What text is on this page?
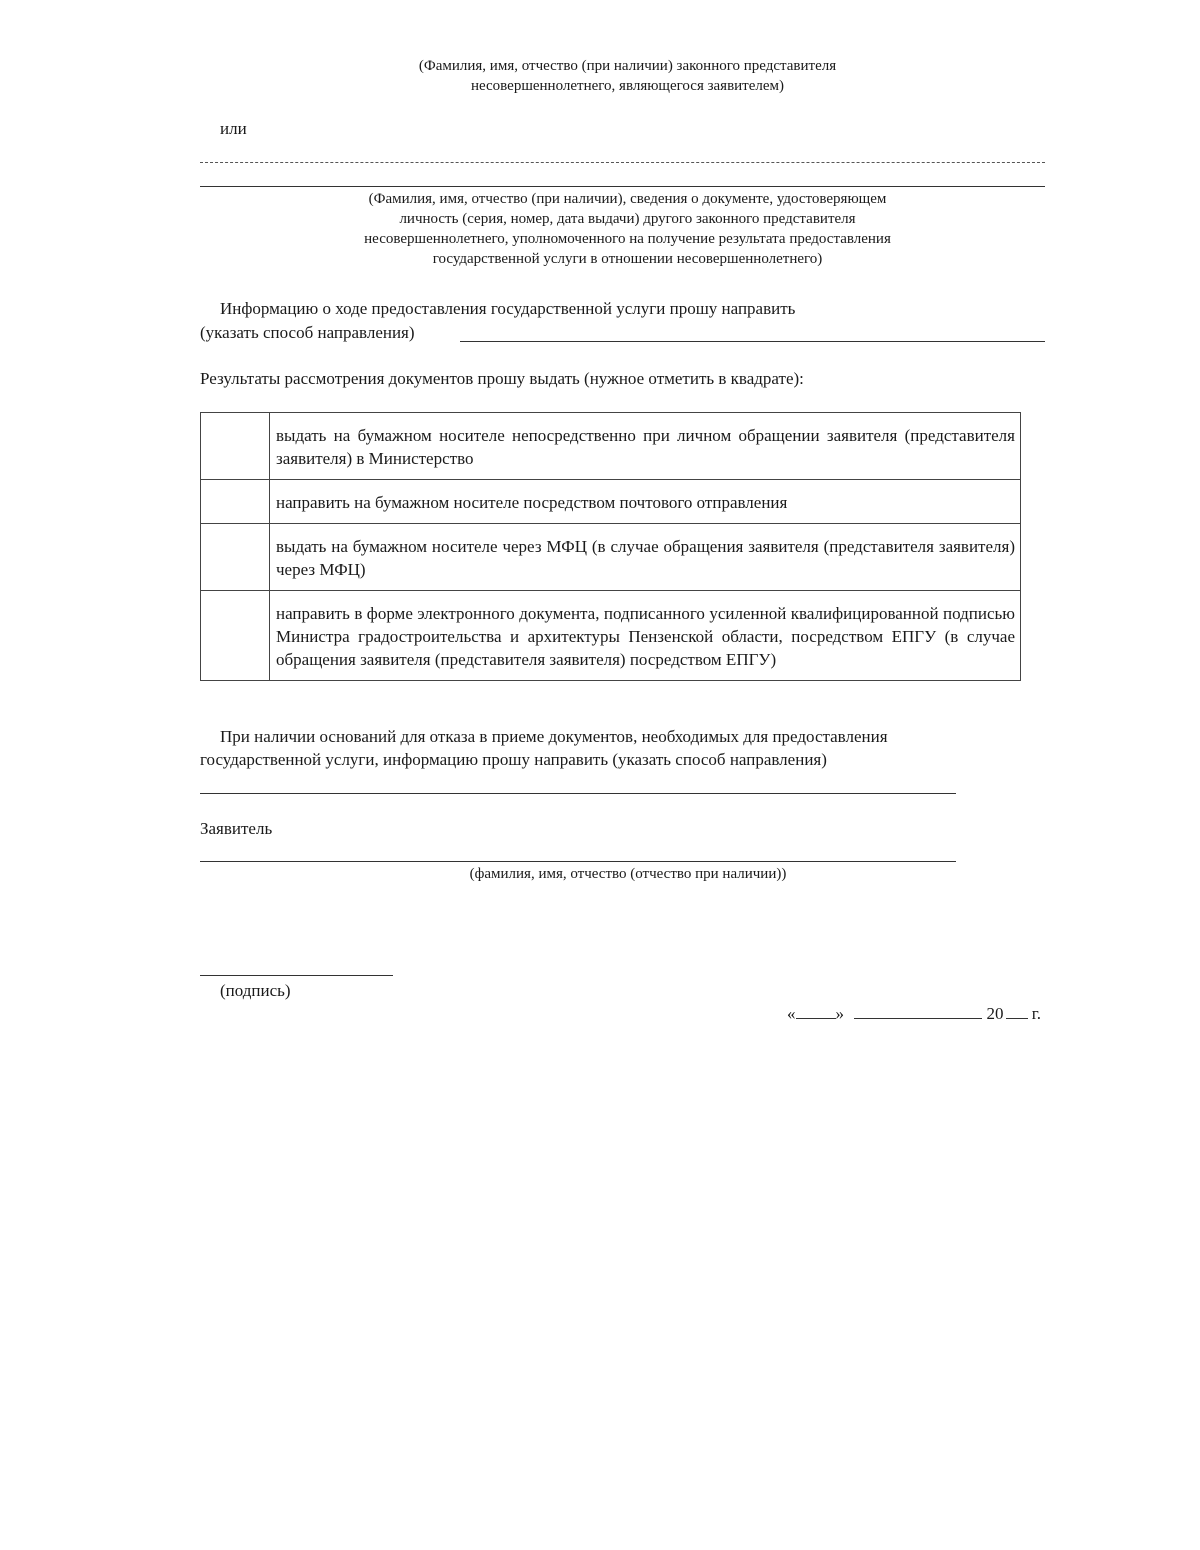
(Фамилия, имя, отчество (при наличии) законного представителя
несовершеннолетнего, являющегося заявителем)
или
(Фамилия, имя, отчество (при наличии), сведения о документе, удостоверяющем
личность (серия, номер, дата выдачи) другого законного представителя
несовершеннолетнего, уполномоченного на получение результата предоставления
государственной услуги в отношении несовершеннолетнего)
Информацию о ходе предоставления государственной услуги прошу направить
(указать способ направления)
Результаты рассмотрения документов прошу выдать (нужное отметить в квадрате):
	выдать на бумажном носителе непосредственно при личном обращении заявителя (представителя заявителя) в Министерство
	направить на бумажном носителе посредством почтового отправления
	выдать на бумажном носителе через МФЦ (в случае обращения заявителя (представителя заявителя) через МФЦ)
	направить в форме электронного документа, подписанного усиленной квалифицированной подписью Министра градостроительства и архитектуры Пензенской области, посредством ЕПГУ (в случае обращения заявителя (представителя заявителя) посредством ЕПГУ)
При наличии оснований для отказа в приеме документов, необходимых для предоставления
государственной услуги, информацию прошу направить (указать способ направления)
Заявитель
(фамилия, имя, отчество (отчество при наличии))
(подпись)
« »	20 г.
